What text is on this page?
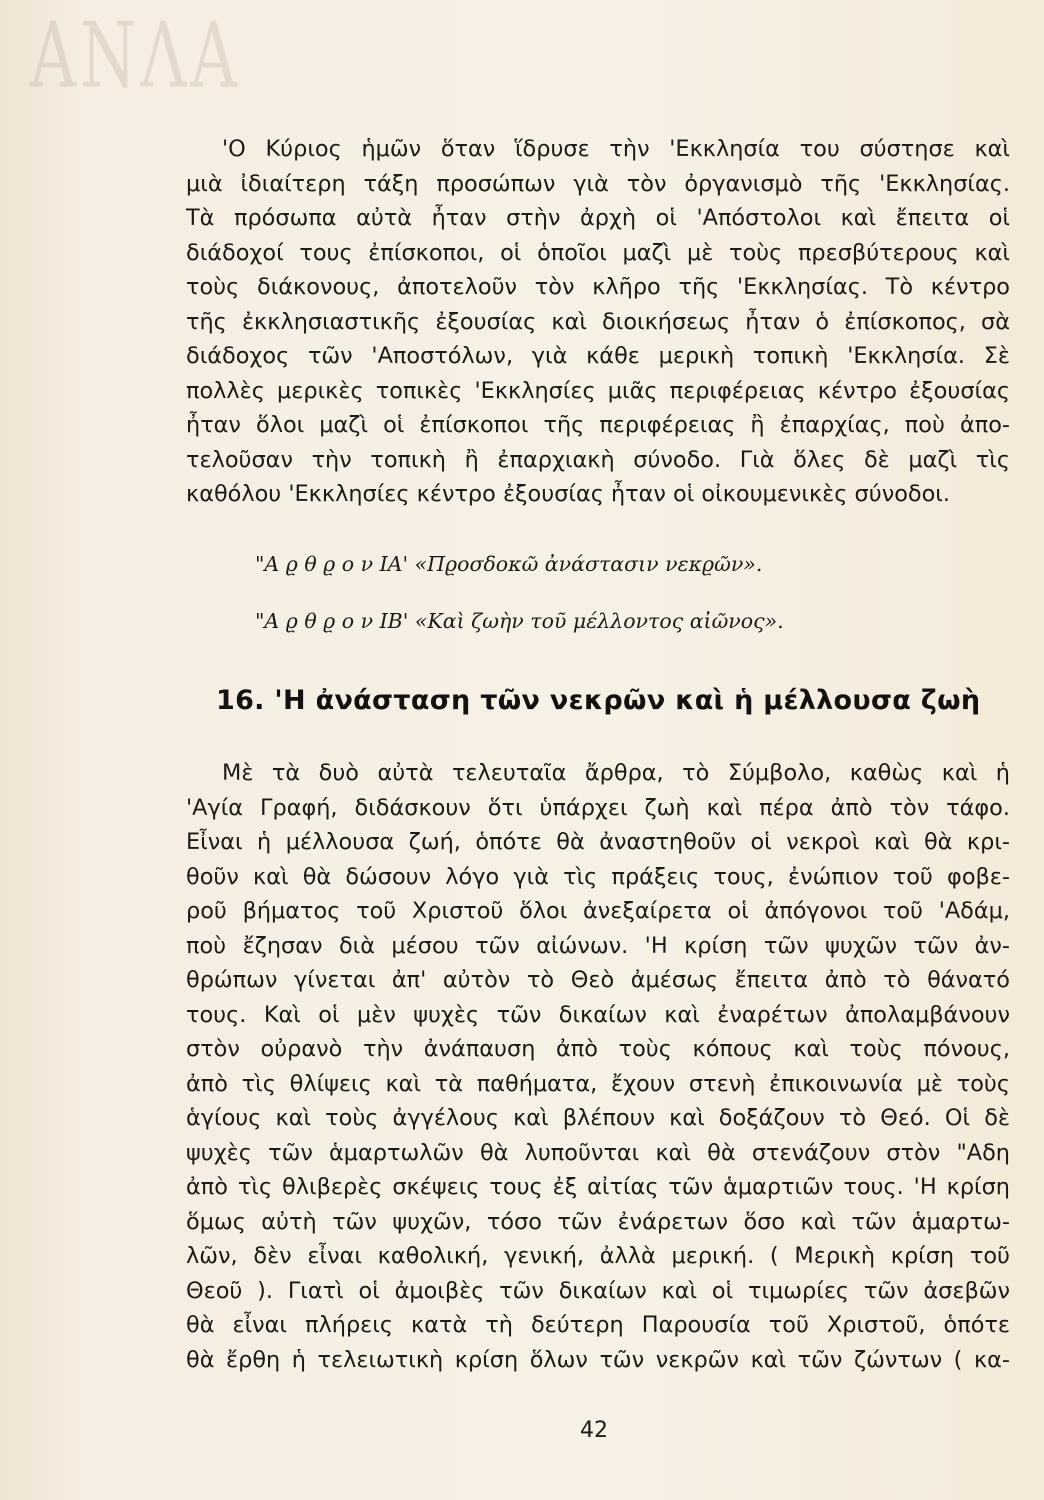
ΑΝΛΑ

'Ο Κύριος ἡμῶν ὅταν ἵδρυσε τὴν 'Εκκλησία του σύστησε καὶ

μιὰ ἰδιαίτερη τάξη προσώπων γιὰ τὸν ὀργανισμὸ τῆς 'Εκκλησίας.

Τὰ πρόσωπα αὐτὰ ἦταν στὴν ἀρχὴ οἱ 'Απόστολοι καὶ ἔπειτα οἱ

διάδοχοί τους ἐπίσκοποι, οἱ ὁποῖοι μαζὶ μὲ τοὺς πρεσβύτερους καὶ

τοὺς διάκονους, ἀποτελοῦν τὸν κλῆρο τῆς 'Εκκλησίας. Τὸ κέντρο

τῆς ἐκκλησιαστικῆς ἐξουσίας καὶ διοικήσεως ἦταν ὁ ἐπίσκοπος, σὰ

διάδοχος τῶν 'Αποστόλων, γιὰ κάθε μερικὴ τοπικὴ 'Εκκλησία. Σὲ

πολλὲς μερικὲς τοπικὲς 'Εκκλησίες μιᾶς περιφέρειας κέντρο ἐξουσίας

ἦταν ὅλοι μαζὶ οἱ ἐπίσκοποι τῆς περιφέρειας ἢ ἐπαρχίας, ποὺ ἀπο-

τελοῦσαν τὴν τοπικὴ ἢ ἐπαρχιακὴ σύνοδο. Γιὰ ὅλες δὲ μαζὶ τὶς

καθόλου 'Εκκλησίες κέντρο ἐξουσίας ἦταν οἱ οἰκουμενικὲς σύνοδοι.

"Α ϱ θ ϱ ο ν ΙΑ' «Πϱοσδοκῶ ἀνάστασιν νεκϱῶν».
"Α ϱ θ ϱ ο ν ΙΒ' «Καὶ ζωὴν τοῦ μέλλοντος αἰῶνος».
16. 'Η ἀνάσταση τῶν νεκρῶν καὶ ἡ μέλλουσα ζωὴ

Μὲ τὰ δυὸ αὐτὰ τελευταῖα ἄρθρα, τὸ Σύμβολο, καθὼς καὶ ἡ

'Αγία Γραφή, διδάσκουν ὅτι ὑπάρχει ζωὴ καὶ πέρα ἀπὸ τὸν τάφο.

Εἶναι ἡ μέλλουσα ζωή, ὁπότε θὰ ἀναστηθοῦν οἱ νεκροὶ καὶ θὰ κρι-

θοῦν καὶ θὰ δώσουν λόγο γιὰ τὶς πράξεις τους, ἐνώπιον τοῦ φοβε-

ροῦ βήματος τοῦ Χριστοῦ ὅλοι ἀνεξαίρετα οἱ ἀπόγονοι τοῦ 'Αδάμ,

ποὺ ἔζησαν διὰ μέσου τῶν αἰώνων. 'Η κρίση τῶν ψυχῶν τῶν ἀν-

θρώπων γίνεται ἀπ' αὐτὸν τὸ Θεὸ ἀμέσως ἔπειτα ἀπὸ τὸ θάνατό

τους. Καὶ οἱ μὲν ψυχὲς τῶν δικαίων καὶ ἐναρέτων ἀπολαμβάνουν

στὸν οὐρανὸ τὴν ἀνάπαυση ἀπὸ τοὺς κόπους καὶ τοὺς πόνους,

ἀπὸ τὶς θλίψεις καὶ τὰ παθήματα, ἔχουν στενὴ ἐπικοινωνία μὲ τοὺς

ἁγίους καὶ τοὺς ἀγγέλους καὶ βλέπουν καὶ δοξάζουν τὸ Θεό. Οἱ δὲ

ψυχὲς τῶν ἁμαρτωλῶν θὰ λυποῦνται καὶ θὰ στενάζουν στὸν "Αδη

ἀπὸ τὶς θλιβερὲς σκέψεις τους ἐξ αἰτίας τῶν ἁμαρτιῶν τους. 'Η κρίση

ὅμως αὐτὴ τῶν ψυχῶν, τόσο τῶν ἐνάρετων ὅσο καὶ τῶν ἁμαρτω-

λῶν, δὲν εἶναι καθολική, γενική, ἀλλὰ μερική. ( Μερικὴ κρίση τοῦ

Θεοῦ ). Γιατὶ οἱ ἀμοιβὲς τῶν δικαίων καὶ οἱ τιμωρίες τῶν ἀσεβῶν

θὰ εἶναι πλήρεις κατὰ τὴ δεύτερη Παρουσία τοῦ Χριστοῦ, ὁπότε

θὰ ἔρθη ἡ τελειωτικὴ κρίση ὅλων τῶν νεκρῶν καὶ τῶν ζώντων ( κα-

42
